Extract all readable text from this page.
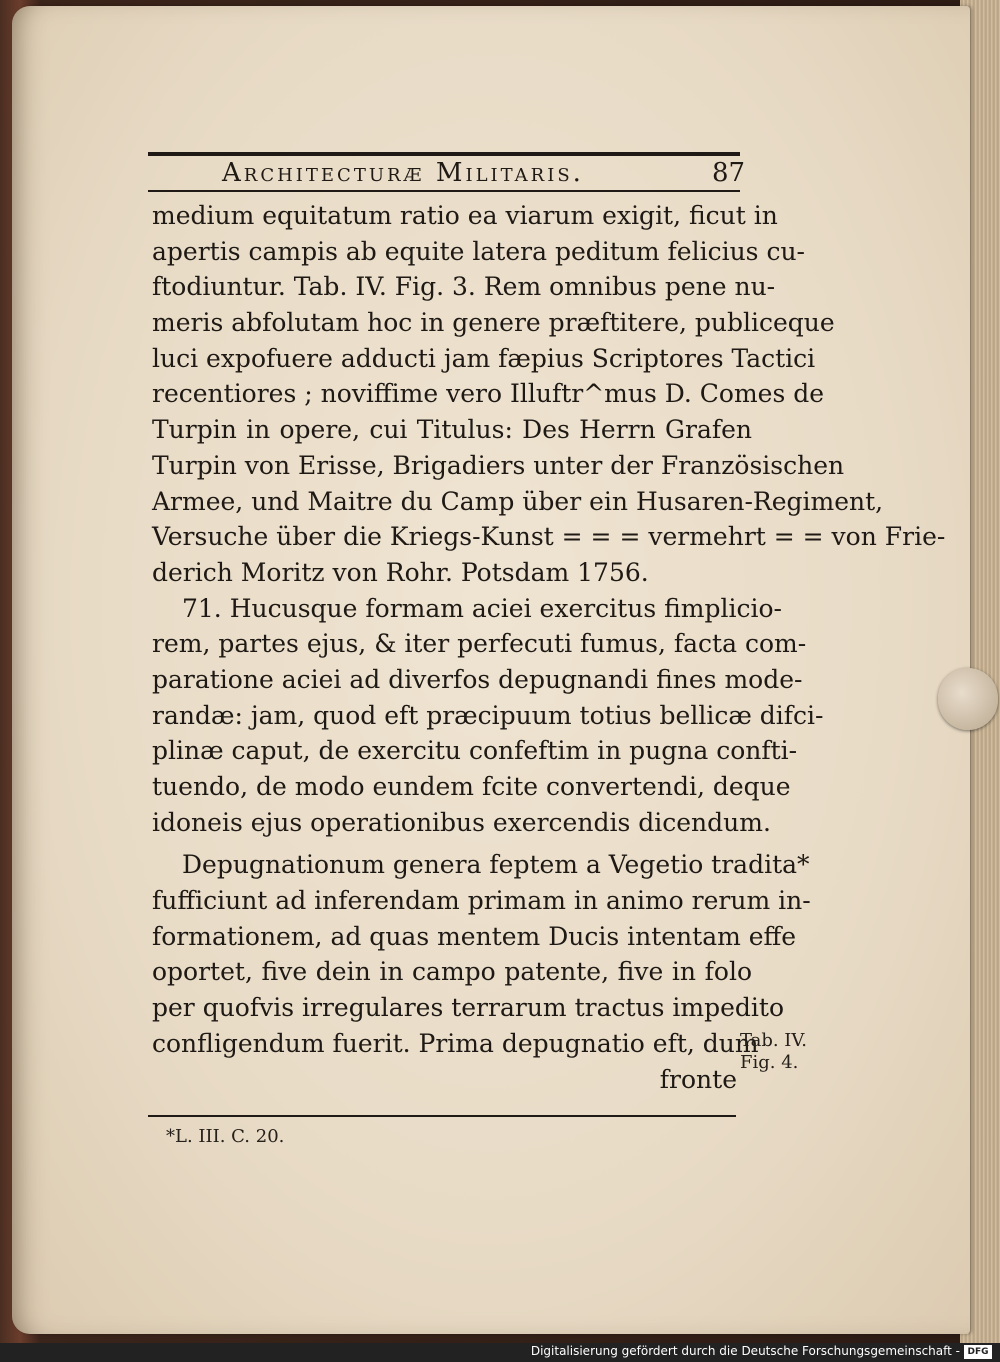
Architecturæ Militaris.	87
medium equitatum ratio ea viarum exigit, ficut in
apertis campis ab equite latera peditum felicius cu-
ftodiuntur. Tab. IV. Fig. 3. Rem omnibus pene nu-
meris abfolutam hoc in genere præftitere, publiceque
luci expofuere adducti jam fæpius Scriptores Tactici
recentiores ; noviffime vero Illuftr^mus D. Comes de
Turpin in opere, cui Titulus: Des Herrn Grafen
Turpin von Erisse, Brigadiers unter der Französischen
Armee, und Maitre du Camp über ein Husaren-Regiment,
Versuche über die Kriegs-Kunst = = = vermehrt = = von Frie-
derich Moritz von Rohr. Potsdam 1756.
71. Hucusque formam aciei exercitus fimplicio-
rem, partes ejus, & iter perfecuti fumus, facta com-
paratione aciei ad diverfos depugnandi fines mode-
randæ: jam, quod eft præcipuum totius bellicæ difci-
plinæ caput, de exercitu confeftim in pugna confti-
tuendo, de modo eundem fcite convertendi, deque
idoneis ejus operationibus exercendis dicendum.
Depugnationum genera feptem a Vegetio tradita*
fufficiunt ad inferendam primam in animo rerum in-
formationem, ad quas mentem Ducis intentam effe
oportet, five dein in campo patente, five in folo
per quofvis irregulares terrarum tractus impedito
confligendum fuerit. Prima depugnatio eft, dum
fronte
Tab. IV.
Fig. 4.
*L. III. C. 20.
Digitalisierung gefördert durch die Deutsche Forschungsgemeinschaft - DFG
